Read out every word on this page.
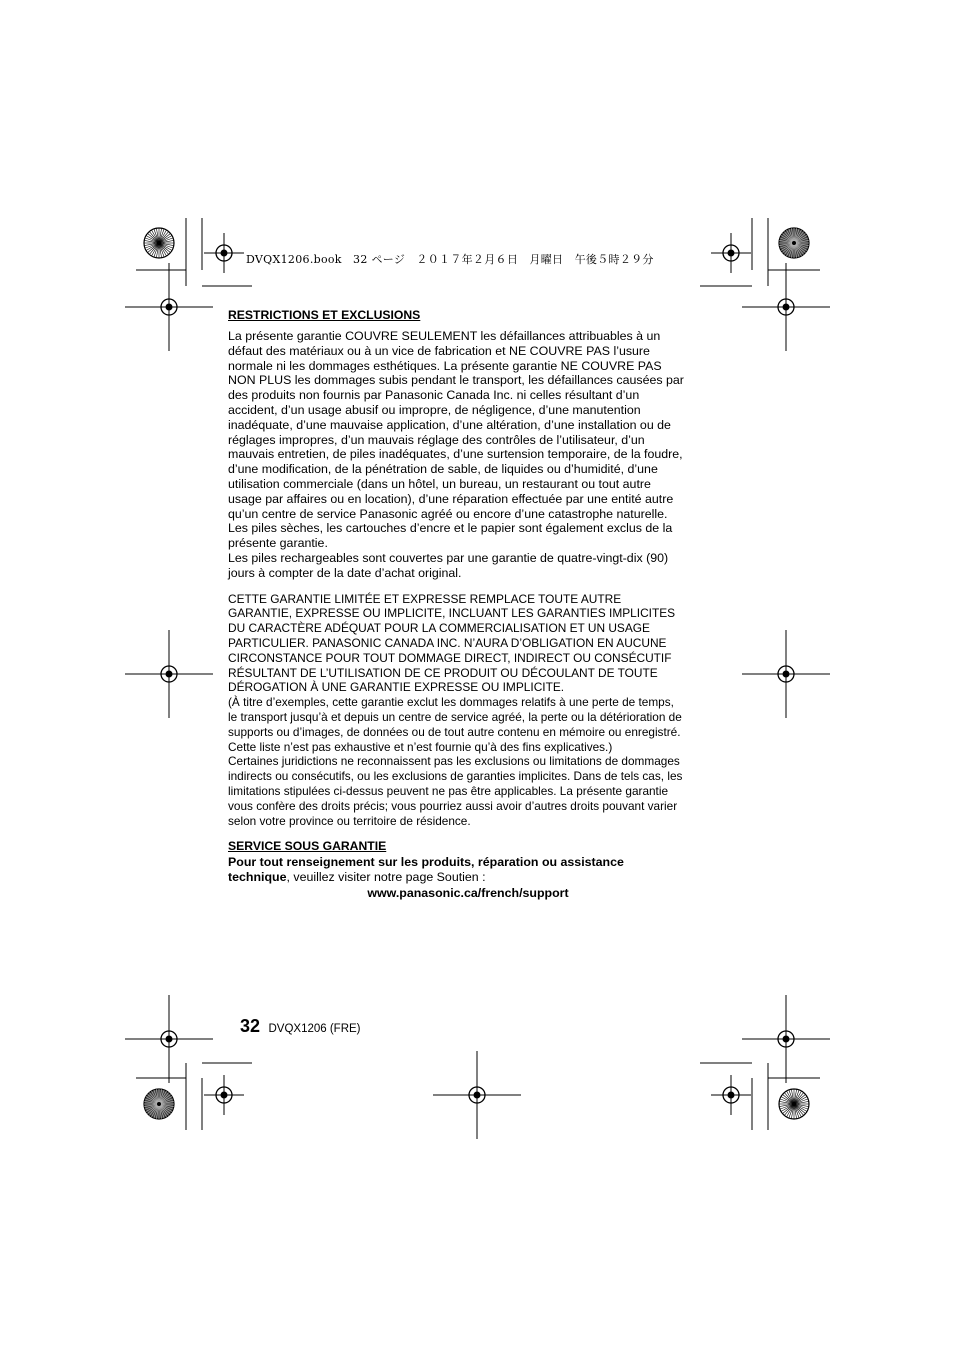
DVQX1206.book　32 ページ　２０１７年２月６日　月曜日　午後５時２９分
RESTRICTIONS ET EXCLUSIONS
La présente garantie COUVRE SEULEMENT les défaillances attribuables à un
défaut des matériaux ou à un vice de fabrication et NE COUVRE PAS l’usure
normale ni les dommages esthétiques. La présente garantie NE COUVRE PAS
NON PLUS les dommages subis pendant le transport, les défaillances causées par
des produits non fournis par Panasonic Canada Inc. ni celles résultant d’un
accident, d’un usage abusif ou impropre, de négligence, d’une manutention
inadéquate, d’une mauvaise application, d’une altération, d’une installation ou de
réglages impropres, d’un mauvais réglage des contrôles de l’utilisateur, d’un
mauvais entretien, de piles inadéquates, d’une surtension temporaire, de la foudre,
d’une modification, de la pénétration de sable, de liquides ou d’humidité, d’une
utilisation commerciale (dans un hôtel, un bureau, un restaurant ou tout autre
usage par affaires ou en location), d’une réparation effectuée par une entité autre
qu’un centre de service Panasonic agréé ou encore d’une catastrophe naturelle.
Les piles sèches, les cartouches d’encre et le papier sont également exclus de la
présente garantie.
Les piles rechargeables sont couvertes par une garantie de quatre-vingt-dix (90)
jours à compter de la date d’achat original.
CETTE GARANTIE LIMITÉE ET EXPRESSE REMPLACE TOUTE AUTRE
GARANTIE, EXPRESSE OU IMPLICITE, INCLUANT LES GARANTIES IMPLICITES
DU CARACTÈRE ADÉQUAT POUR LA COMMERCIALISATION ET UN USAGE
PARTICULIER. PANASONIC CANADA INC. N’AURA D’OBLIGATION EN AUCUNE
CIRCONSTANCE POUR TOUT DOMMAGE DIRECT, INDIRECT OU CONSÉCUTIF
RÉSULTANT DE L’UTILISATION DE CE PRODUIT OU DÉCOULANT DE TOUTE
DÉROGATION À UNE GARANTIE EXPRESSE OU IMPLICITE.
(À titre d’exemples, cette garantie exclut les dommages relatifs à une perte de temps,
le transport jusqu’à et depuis un centre de service agréé, la perte ou la détérioration de
supports ou d’images, de données ou de tout autre contenu en mémoire ou enregistré.
Cette liste n’est pas exhaustive et n’est fournie qu’à des fins explicatives.)
Certaines juridictions ne reconnaissent pas les exclusions ou limitations de dommages
indirects ou consécutifs, ou les exclusions de garanties implicites. Dans de tels cas, les
limitations stipulées ci-dessus peuvent ne pas être applicables. La présente garantie
vous confère des droits précis; vous pourriez aussi avoir d’autres droits pouvant varier
selon votre province ou territoire de résidence.
SERVICE SOUS GARANTIE

Pour tout renseignement sur les produits, réparation ou assistance
technique, veuillez visiter notre page Soutien :

www.panasonic.ca/french/support

32 DVQX1206 (FRE)
